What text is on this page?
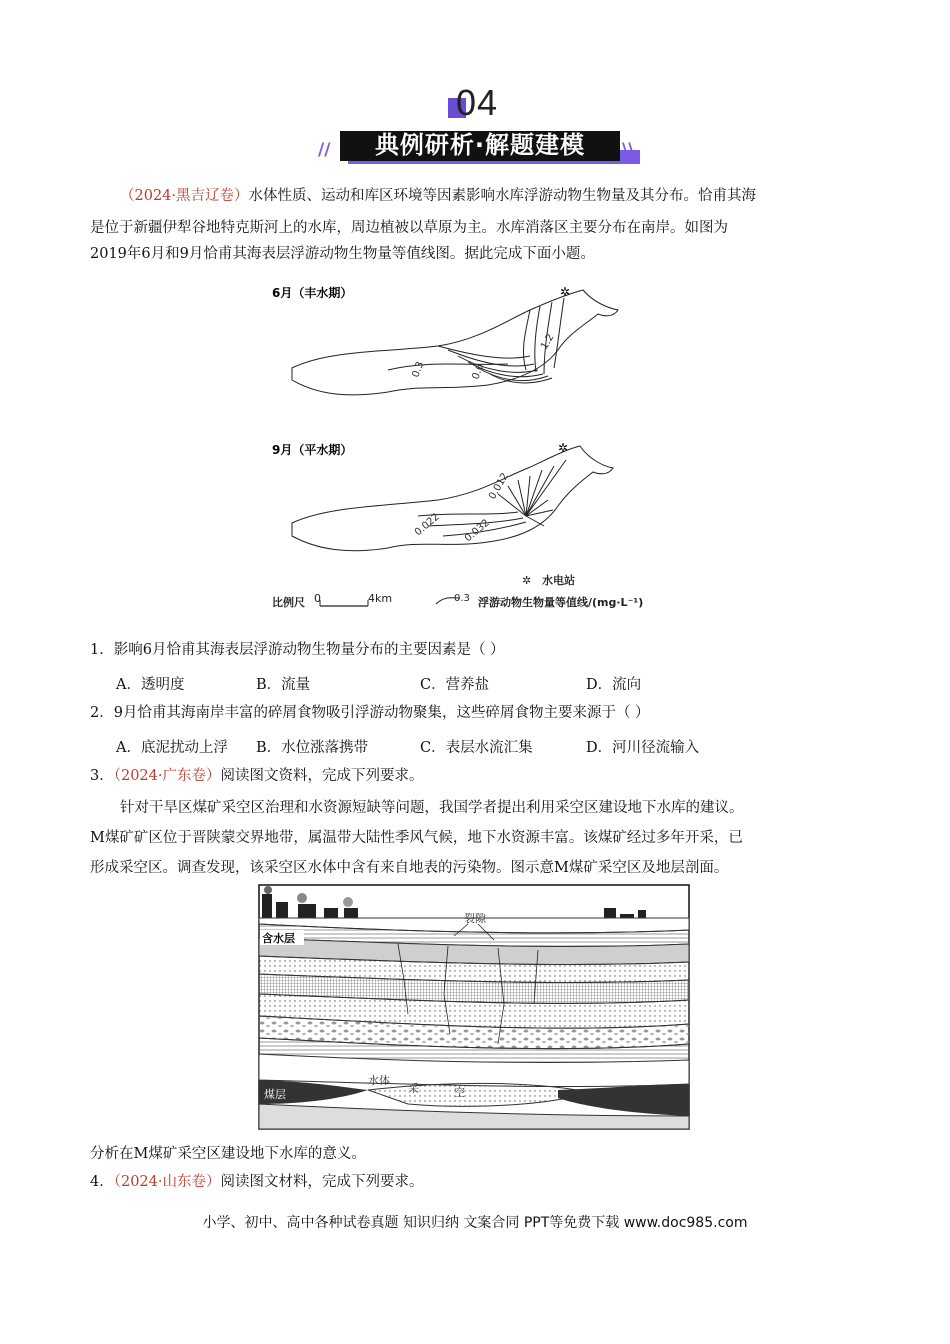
04
典例研析·解题建模
//	\\

（2024·黑吉辽卷）水体性质、运动和库区环境等因素影响水库浮游动物生物量及其分布。恰甫其海

是位于新疆伊犁谷地特克斯河上的水库，周边植被以草原为主。水库消落区主要分布在南岸。如图为

2019年6月和9月恰甫其海表层浮游动物生物量等值线图。据此完成下面小题。

6月（丰水期）
9月（平水期）
0.3	0.6
1.2
✲
0.022 0.032
0.012
✲
✲ 水电站
比例尺 0	4km	0.3 浮游动物生物量等值线/(mg·L⁻¹)

1．影响6月恰甫其海表层浮游动物生物量分布的主要因素是（ ）

A．透明度	B．流量	C．营养盐	D．流向

2．9月恰甫其海南岸丰富的碎屑食物吸引浮游动物聚集，这些碎屑食物主要来源于（ ）

A．底泥扰动上浮 B．水位涨落携带	C．表层水流汇集	D．河川径流输入

3．（2024·广东卷）阅读图文资料，完成下列要求。

针对干旱区煤矿采空区治理和水资源短缺等问题，我国学者提出利用采空区建设地下水库的建议。

M煤矿矿区位于晋陕蒙交界地带，属温带大陆性季风气候，地下水资源丰富。该煤矿经过多年开采，已

形成采空区。调查发现，该采空区水体中含有来自地表的污染物。图示意M煤矿采空区及地层剖面。

裂隙
含水层
煤层
水体
采	空

分析在M煤矿采空区建设地下水库的意义。

4．（2024·山东卷）阅读图文材料，完成下列要求。

小学、初中、高中各种试卷真题 知识归纳 文案合同 PPT等免费下载 www.doc985.com
